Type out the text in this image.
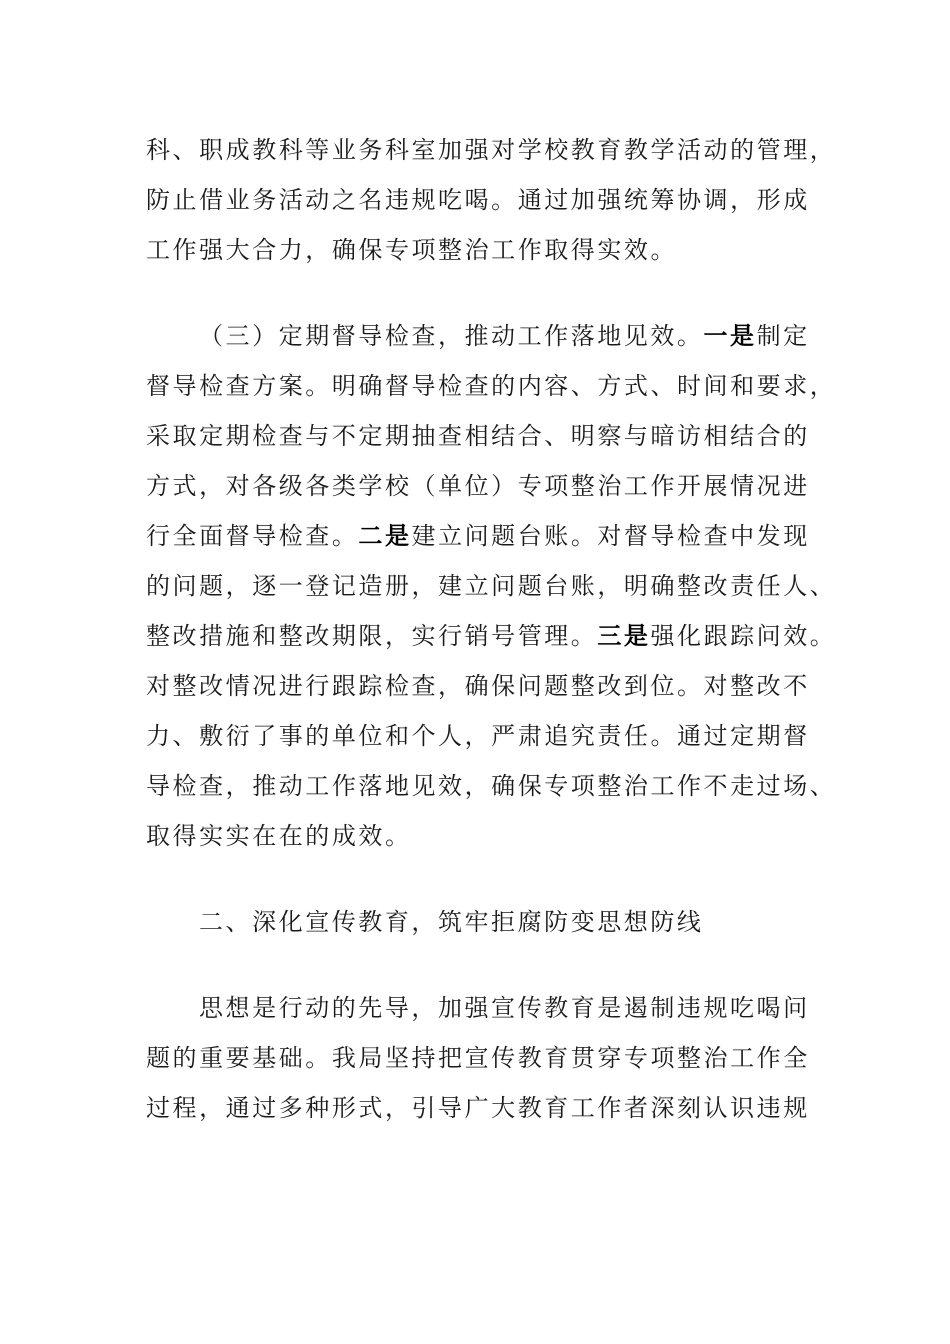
科、职成教科等业务科室加强对学校教育教学活动的管理，
防止借业务活动之名违规吃喝。通过加强统筹协调，形成
工作强大合力，确保专项整治工作取得实效。
（三）定期督导检查，推动工作落地见效。一是制定
督导检查方案。明确督导检查的内容、方式、时间和要求，
采取定期检查与不定期抽查相结合、明察与暗访相结合的
方式，对各级各类学校（单位）专项整治工作开展情况进
行全面督导检查。二是建立问题台账。对督导检查中发现
的问题，逐一登记造册，建立问题台账，明确整改责任人、
整改措施和整改期限，实行销号管理。三是强化跟踪问效。
对整改情况进行跟踪检查，确保问题整改到位。对整改不
力、敷衍了事的单位和个人，严肃追究责任。通过定期督
导检查，推动工作落地见效，确保专项整治工作不走过场、
取得实实在在的成效。
二、深化宣传教育，筑牢拒腐防变思想防线
思想是行动的先导，加强宣传教育是遏制违规吃喝问
题的重要基础。我局坚持把宣传教育贯穿专项整治工作全
过程，通过多种形式，引导广大教育工作者深刻认识违规
